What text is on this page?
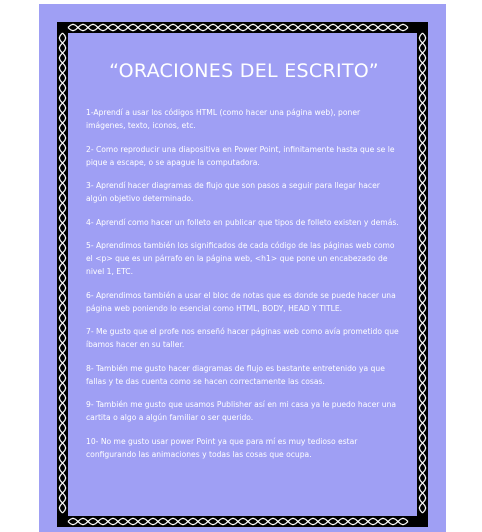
“ORACIONES DEL ESCRITO”

1-Aprendí a usar los códigos HTML (como hacer una página web), poner imágenes, texto, iconos, etc.

2- Como reproducir una diapositiva en Power Point, infinitamente hasta que se le pique a escape, o se apague la computadora.

3- Aprendí hacer diagramas de flujo que son pasos a seguir para llegar hacer algún objetivo determinado.

4- Aprendí como hacer un folleto en publicar que tipos de folleto existen y demás.

5- Aprendimos también los significados de cada código de las páginas web como el <p> que es un párrafo en la página web, <h1> que pone un encabezado de nivel 1, ETC.

6- Aprendimos también a usar el bloc de notas que es donde se puede hacer una página web poniendo lo esencial como HTML, BODY, HEAD Y TITLE.

7- Me gusto que el profe nos enseñó hacer páginas web como avía prometido que íbamos hacer en su taller.

8- También me gusto hacer diagramas de flujo es bastante entretenido ya que fallas y te das cuenta como se hacen correctamente las cosas.

9- También me gusto que usamos Publisher así en mi casa ya le puedo hacer una cartita o algo a algún familiar o ser querido.

10- No me gusto usar power Point ya que para mí es muy tedioso estar configurando las animaciones y todas las cosas que ocupa.
